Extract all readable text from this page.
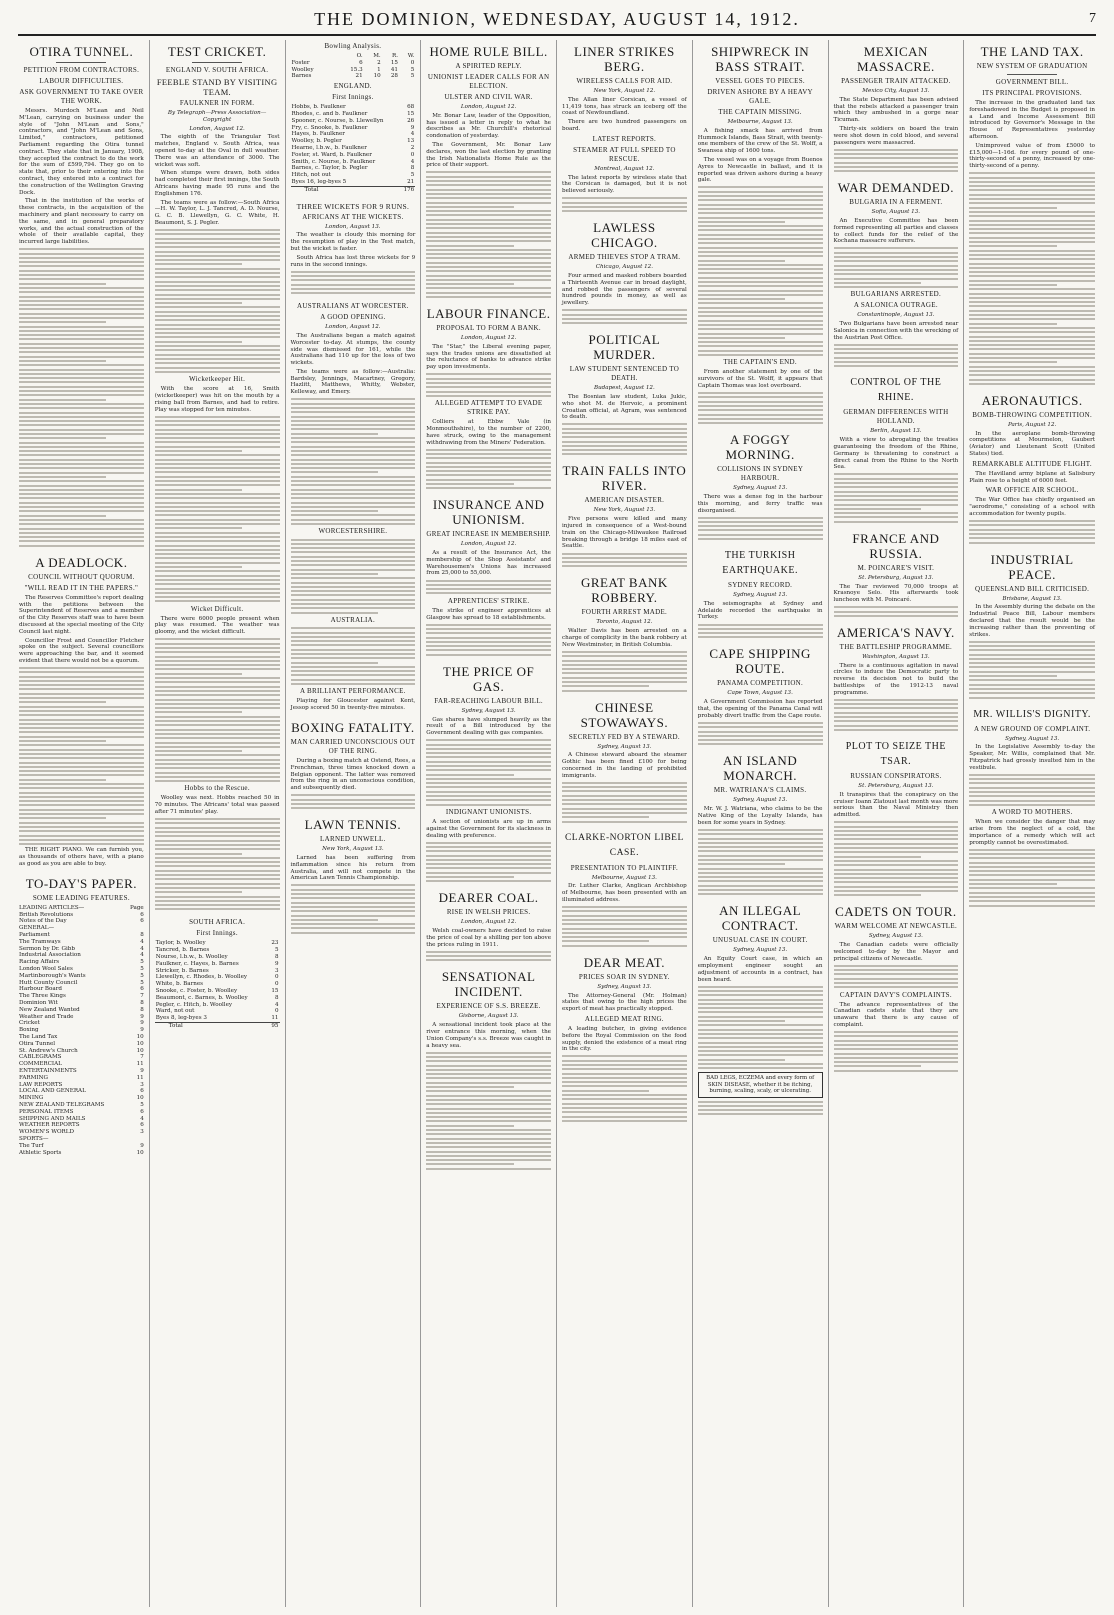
THE DOMINION, WEDNESDAY, AUGUST 14, 1912.	7
OTIRA TUNNEL.
PETITION FROM CONTRACTORS.
LABOUR DIFFICULTIES.
ASK GOVERNMENT TO TAKE OVER THE WORK.

Messrs. Murdoch M'Lean and Neil M'Lean, carrying on business under the style of "John M'Lean and Sons," contractors, and "John M'Lean and Sons, Limited," contractors, petitioned Parliament regarding the Otira tunnel contract. They state that in January, 1908, they accepted the contract to do the work for the sum of £599,794. They go on to state that, prior to their entering into the contract, they entered into a contract for the construction of the Wellington Graving Dock.

That in the institution of the works of these contracts, in the acquisition of the machinery and plant necessary to carry on the same, and in general preparatory works, and the actual construction of the whole of their available capital, they incurred large liabilities.

A DEADLOCK.
COUNCIL WITHOUT QUORUM.
"WILL READ IT IN THE PAPERS."

The Reserves Committee's report dealing with the petitions between the Superintendent of Reserves and a member of the City Reserves staff was to have been discussed at the special meeting of the City Council last night.

Councillor Frost and Councillor Fletcher spoke on the subject. Several councillors were approaching the bar, and it seemed evident that there would not be a quorum.

THE RIGHT PIANO. We can furnish you, as thousands of others have, with a piano as good as you are able to buy.

TO-DAY'S PAPER.
SOME LEADING FEATURES.
LEADING ARTICLES—	Page
British Revolutions	6
Notes of the Day	6
GENERAL—	
Parliament	8
The Tramways	4
Sermon by Dr. Gibb	4
Industrial Association	4
Racing Affairs	5
London Wool Sales	5
Martinborough's Wants	5
Hutt County Council	5
Harbour Board	6
The Three Kings	7
Dominion Wit	8
New Zealand Wanted	8
Weather and Trade	9
Cricket	9
Boxing	9
The Land Tax	10
Otira Tunnel	10
St. Andrew's Church	10
CABLEGRAMS	7
COMMERCIAL	11
ENTERTAINMENTS	9
FARMING	11
LAW REPORTS	3
LOCAL AND GENERAL	6
MINING	10
NEW ZEALAND TELEGRAMS	5
PERSONAL ITEMS	6
SHIPPING AND MAILS	4
WEATHER REPORTS	6
WOMEN'S WORLD	3
SPORTS—	
The Turf	9
Athletic Sports	10
TEST CRICKET.
ENGLAND V. SOUTH AFRICA.
FEEBLE STAND BY VISITING TEAM.
FAULKNER IN FORM.
By Telegraph—Press Association—Copyright
London, August 12.

The eighth of the Triangular Test matches, England v. South Africa, was opened to-day at the Oval in dull weather. There was an attendance of 3000. The wicket was soft.

When stumps were drawn, both sides had completed their first innings, the South Africans having made 95 runs and the Englishmen 176.

The teams were as follow:—South Africa—H. W. Taylor, L. J. Tancred, A. D. Nourse, G. C. B. Llewellyn, G. C. White, H. Beaumont, S. J. Pegler.

Wicketkeeper Hit.

With the score at 16, Smith (wicketkeeper) was hit on the mouth by a rising ball from Barnes, and had to retire. Play was stopped for ten minutes.

Wicket Difficult.

There were 6000 people present when play was resumed. The weather was gloomy, and the wicket difficult.

Hobbs to the Rescue.

Woolley was next. Hobbs reached 50 in 70 minutes. The Africans' total was passed after 71 minutes' play.

SOUTH AFRICA.
First Innings.
Taylor, b. Woolley	23
Tancred, b. Barnes	5
Nourse, l.b.w., b. Woolley	8
Faulkner, c. Hayes, b. Barnes	9
Stricker, b. Barnes	3
Llewellyn, c. Rhodes, b. Woolley	0
White, b. Barnes	0
Snooke, c. Foster, b. Woolley	15
Beaumont, c. Barnes, b. Woolley	8
Pegler, c. Hitch, b. Woolley	4
Ward, not out	0
Byes 8, leg-byes 3	11
Total	95
Bowling Analysis.
	O.	M.	R.	W.
Foster	6	2	15	0
Woolley	15.3	1	41	5
Barnes	21	10	28	5
ENGLAND.
First Innings.
Hobbs, b. Faulkner	68
Rhodes, c. and b. Faulkner	15
Spooner, c. Nourse, b. Llewellyn	26
Fry, c. Snooke, b. Faulkner	9
Hayes, b. Faulkner	4
Woolley, b. Pegler	13
Hearne, l.b.w., b. Faulkner	2
Foster, st. Ward, b. Faulkner	0
Smith, c. Nourse, b. Faulkner	4
Barnes, c. Taylor, b. Pegler	8
Hitch, not out	5
Byes 16, leg-byes 5	21
Total	176
THREE WICKETS FOR 9 RUNS.
AFRICANS AT THE WICKETS.
London, August 13.

The weather is cloudy this morning for the resumption of play in the Test match, but the wicket is faster.

South Africa has lost three wickets for 9 runs in the second innings.

AUSTRALIANS AT WORCESTER.
A GOOD OPENING.
London, August 12.

The Australians began a match against Worcester to-day. At stumps, the county side was dismissed for 161, while the Australians had 110 up for the loss of two wickets.

The teams were as follow:—Australia: Bardsley, Jennings, Macartney, Gregory, Hazlitt, Matthews, Whitty, Webster, Kelleway, and Emery.

WORCESTERSHIRE.
AUSTRALIA.
A BRILLIANT PERFORMANCE.

Playing for Gloucester against Kent, Jessop scored 50 in twenty-five minutes.

BOXING FATALITY.
MAN CARRIED UNCONSCIOUS OUT OF THE RING.

During a boxing match at Ostend, Rees, a Frenchman, three times knocked down a Belgian opponent. The latter was removed from the ring in an unconscious condition, and subsequently died.

LAWN TENNIS.
LARNED UNWELL.
New York, August 13.

Larned has been suffering from inflammation since his return from Australia, and will not compete in the American Lawn Tennis Championship.

HOME RULE BILL.
A SPIRITED REPLY.
UNIONIST LEADER CALLS FOR AN ELECTION.
ULSTER AND CIVIL WAR.
London, August 12.

Mr. Bonar Law, leader of the Opposition, has issued a letter in reply to what he describes as Mr. Churchill's rhetorical condonation of yesterday.

The Government, Mr. Bonar Law declares, won the last election by granting the Irish Nationalists Home Rule as the price of their support.

LABOUR FINANCE.
PROPOSAL TO FORM A BANK.
London, August 12.

The "Star," the Liberal evening paper, says the trades unions are dissatisfied at the reluctance of banks to advance strike pay upon investments.

ALLEGED ATTEMPT TO EVADE STRIKE PAY.

Colliers at Ebbw Vale (in Monmouthshire), to the number of 2200, have struck, owing to the management withdrawing from the Miners' Federation.

INSURANCE AND UNIONISM.
GREAT INCREASE IN MEMBERSHIP.
London, August 12.

As a result of the Insurance Act, the membership of the Shop Assistants' and Warehousemen's Unions has increased from 25,000 to 55,000.

APPRENTICES' STRIKE.

The strike of engineer apprentices at Glasgow has spread to 18 establishments.

THE PRICE OF GAS.
FAR-REACHING LABOUR BILL.
Sydney, August 13.

Gas shares have slumped heavily as the result of a Bill introduced by the Government dealing with gas companies.

INDIGNANT UNIONISTS.

A section of unionists are up in arms against the Government for its slackness in dealing with preference.

DEARER COAL.
RISE IN WELSH PRICES.
London, August 12.

Welsh coal-owners have decided to raise the price of coal by a shilling per ton above the prices ruling in 1911.

SENSATIONAL INCIDENT.
EXPERIENCE OF S.S. BREEZE.
Gisborne, August 13.

A sensational incident took place at the river entrance this morning, when the Union Company's s.s. Breeze was caught in a heavy sea.

LINER STRIKES BERG.
WIRELESS CALLS FOR AID.
New York, August 12.

The Allan liner Corsican, a vessel of 11,419 tons, has struck an iceberg off the coast of Newfoundland.

There are two hundred passengers on board.

LATEST REPORTS.
STEAMER AT FULL SPEED TO RESCUE.
Montreal, August 12.

The latest reports by wireless state that the Corsican is damaged, but it is not believed seriously.

LAWLESS CHICAGO.
ARMED THIEVES STOP A TRAM.
Chicago, August 12.

Four armed and masked robbers boarded a Thirteenth Avenue car in broad daylight, and robbed the passengers of several hundred pounds in money, as well as jewellery.

POLITICAL MURDER.
LAW STUDENT SENTENCED TO DEATH.
Budapest, August 12.

The Bosnian law student, Luka Jukic, who shot M. de Hervoic, a prominent Croatian official, at Agram, was sentenced to death.

TRAIN FALLS INTO RIVER.
AMERICAN DISASTER.
New York, August 13.

Five persons were killed and many injured in consequence of a West-bound train on the Chicago-Milwaukee Railroad breaking through a bridge 18 miles east of Seattle.

GREAT BANK ROBBERY.
FOURTH ARREST MADE.
Toronto, August 12.

Walter Davis has been arrested on a charge of complicity in the bank robbery at New Westminster, in British Columbia.

CHINESE STOWAWAYS.
SECRETLY FED BY A STEWARD.
Sydney, August 13.

A Chinese steward aboard the steamer Gothic has been fined £100 for being concerned in the landing of prohibited immigrants.

CLARKE-NORTON LIBEL CASE.
PRESENTATION TO PLAINTIFF.
Melbourne, August 13.

Dr. Luther Clarke, Anglican Archbishop of Melbourne, has been presented with an illuminated address.

DEAR MEAT.
PRICES SOAR IN SYDNEY.
Sydney, August 13.

The Attorney-General (Mr. Holman) states that owing to the high prices the export of meat has practically stopped.

ALLEGED MEAT RING.

A leading butcher, in giving evidence before the Royal Commission on the food supply, denied the existence of a meat ring in the city.

SHIPWRECK IN BASS STRAIT.
VESSEL GOES TO PIECES.
DRIVEN ASHORE BY A HEAVY GALE.
THE CAPTAIN MISSING.
Melbourne, August 13.

A fishing smack has arrived from Hummock Islands, Bass Strait, with twenty-one members of the crew of the St. Wolff, a Swansea ship of 1600 tons.

The vessel was on a voyage from Buenos Ayres to Newcastle in ballast, and it is reported was driven ashore during a heavy gale.

THE CAPTAIN'S END.

From another statement by one of the survivors of the St. Wolff, it appears that Captain Thomas was lost overboard.

A FOGGY MORNING.
COLLISIONS IN SYDNEY HARBOUR.
Sydney, August 13.

There was a dense fog in the harbour this morning, and ferry traffic was disorganised.

THE TURKISH EARTHQUAKE.
SYDNEY RECORD.
Sydney, August 13.

The seismographs at Sydney and Adelaide recorded the earthquake in Turkey.

CAPE SHIPPING ROUTE.
PANAMA COMPETITION.
Cape Town, August 13.

A Government Commission has reported that, the opening of the Panama Canal will probably divert traffic from the Cape route.

AN ISLAND MONARCH.
MR. WATRIANA'S CLAIMS.
Sydney, August 13.

Mr. W. J. Watriana, who claims to be the Native King of the Loyalty Islands, has been for some years in Sydney.

AN ILLEGAL CONTRACT.
UNUSUAL CASE IN COURT.
Sydney, August 13.

An Equity Court case, in which an employment engineer sought an adjustment of accounts in a contract, has been heard.

BAD LEGS, ECZEMA and every form of SKIN DISEASE, whether it be itching, burning, scaling, scaly, or ulcerating.
MEXICAN MASSACRE.
PASSENGER TRAIN ATTACKED.
Mexico City, August 13.

The State Department has been advised that the rebels attacked a passenger train which they ambushed in a gorge near Ticuman.

Thirty-six soldiers on board the train were shot down in cold blood, and several passengers were massacred.

WAR DEMANDED.
BULGARIA IN A FERMENT.
Sofia, August 13.

An Executive Committee has been formed representing all parties and classes to collect funds for the relief of the Kochana massacre sufferers.

BULGARIANS ARRESTED.
A SALONICA OUTRAGE.
Constantinople, August 13.

Two Bulgarians have been arrested near Salonica in connection with the wrecking of the Austrian Post Office.

CONTROL OF THE RHINE.
GERMAN DIFFERENCES WITH HOLLAND.
Berlin, August 13.

With a view to abrogating the treaties guaranteeing the freedom of the Rhine, Germany is threatening to construct a direct canal from the Rhine to the North Sea.

FRANCE AND RUSSIA.
M. POINCARE'S VISIT.
St. Petersburg, August 13.

The Tsar reviewed 70,000 troops at Krasnoye Selo. His afterwards took luncheon with M. Poincaré.

AMERICA'S NAVY.
THE BATTLESHIP PROGRAMME.
Washington, August 13.

There is a continuous agitation in naval circles to induce the Democratic party to reverse its decision not to build the battleships of the 1912-13 naval programme.

PLOT TO SEIZE THE TSAR.
RUSSIAN CONSPIRATORS.
St. Petersburg, August 13.

It transpires that the conspiracy on the cruiser Ioann Zlatoust last month was more serious than the Naval Ministry then admitted.

CADETS ON TOUR.
WARM WELCOME AT NEWCASTLE.
Sydney, August 13.

The Canadian cadets were officially welcomed to-day by the Mayor and principal citizens of Newcastle.

CAPTAIN DAVY'S COMPLAINTS.

The advance representatives of the Canadian cadets state that they are unaware that there is any cause of complaint.

THE LAND TAX.
NEW SYSTEM OF GRADUATION
GOVERNMENT BILL.
ITS PRINCIPAL PROVISIONS.

The increase in the graduated land tax foreshadowed in the Budget is proposed in a Land and Income Assessment Bill introduced by Governor's Message in the House of Representatives yesterday afternoon.

Unimproved value of from £5000 to £15,000—1-16d. for every pound of one-thirty-second of a penny, increased by one-thirty-second of a penny.

AERONAUTICS.
BOMB-THROWING COMPETITION.
Paris, August 12.

In the aeroplane bomb-throwing competitions at Mourmelon, Gaubert (Aviator) and Lieutenant Scott (United States) tied.

REMARKABLE ALTITUDE FLIGHT.

The Havilland army biplane at Salisbury Plain rose to a height of 6000 feet.

WAR OFFICE AIR SCHOOL.

The War Office has chiefly organised an "aerodrome," consisting of a school with accommodation for twenty pupils.

INDUSTRIAL PEACE.
QUEENSLAND BILL CRITICISED.
Brisbane, August 13.

In the Assembly during the debate on the Industrial Peace Bill, Labour members declared that the result would be the increasing rather than the preventing of strikes.

MR. WILLIS'S DIGNITY.
A NEW GROUND OF COMPLAINT.
Sydney, August 13.

In the Legislative Assembly to-day the Speaker, Mr. Willis, complained that Mr. Fitzpatrick had grossly insulted him in the vestibule.

A WORD TO MOTHERS.

When we consider the danger that may arise from the neglect of a cold, the importance of a remedy which will act promptly cannot be overestimated.
